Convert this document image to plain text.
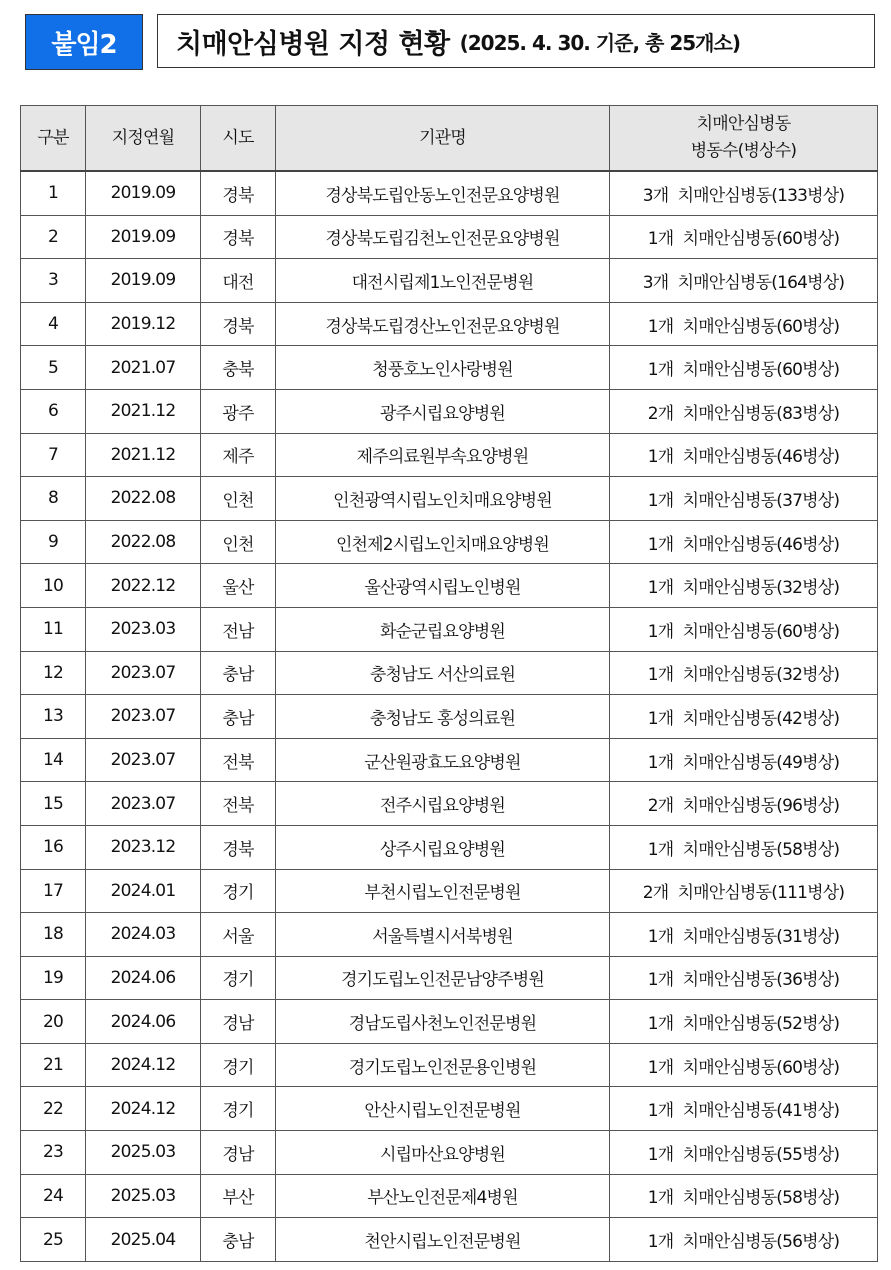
붙임2	치매안심병원 지정 현황 (2025. 4. 30. 기준, 총 25개소)
구분	지정연월	시도	기관명	치매안심병동
병동수(병상수)
1	2019.09	경북	경상북도립안동노인전문요양병원	3개  치매안심병동(133병상)
2	2019.09	경북	경상북도립김천노인전문요양병원	1개  치매안심병동(60병상)
3	2019.09	대전	대전시립제1노인전문병원	3개  치매안심병동(164병상)
4	2019.12	경북	경상북도립경산노인전문요양병원	1개  치매안심병동(60병상)
5	2021.07	충북	청풍호노인사랑병원	1개  치매안심병동(60병상)
6	2021.12	광주	광주시립요양병원	2개  치매안심병동(83병상)
7	2021.12	제주	제주의료원부속요양병원	1개  치매안심병동(46병상)
8	2022.08	인천	인천광역시립노인치매요양병원	1개  치매안심병동(37병상)
9	2022.08	인천	인천제2시립노인치매요양병원	1개  치매안심병동(46병상)
10	2022.12	울산	울산광역시립노인병원	1개  치매안심병동(32병상)
11	2023.03	전남	화순군립요양병원	1개  치매안심병동(60병상)
12	2023.07	충남	충청남도 서산의료원	1개  치매안심병동(32병상)
13	2023.07	충남	충청남도 홍성의료원	1개  치매안심병동(42병상)
14	2023.07	전북	군산원광효도요양병원	1개  치매안심병동(49병상)
15	2023.07	전북	전주시립요양병원	2개  치매안심병동(96병상)
16	2023.12	경북	상주시립요양병원	1개  치매안심병동(58병상)
17	2024.01	경기	부천시립노인전문병원	2개  치매안심병동(111병상)
18	2024.03	서울	서울특별시서북병원	1개  치매안심병동(31병상)
19	2024.06	경기	경기도립노인전문남양주병원	1개  치매안심병동(36병상)
20	2024.06	경남	경남도립사천노인전문병원	1개  치매안심병동(52병상)
21	2024.12	경기	경기도립노인전문용인병원	1개  치매안심병동(60병상)
22	2024.12	경기	안산시립노인전문병원	1개  치매안심병동(41병상)
23	2025.03	경남	시립마산요양병원	1개  치매안심병동(55병상)
24	2025.03	부산	부산노인전문제4병원	1개  치매안심병동(58병상)
25	2025.04	충남	천안시립노인전문병원	1개  치매안심병동(56병상)
